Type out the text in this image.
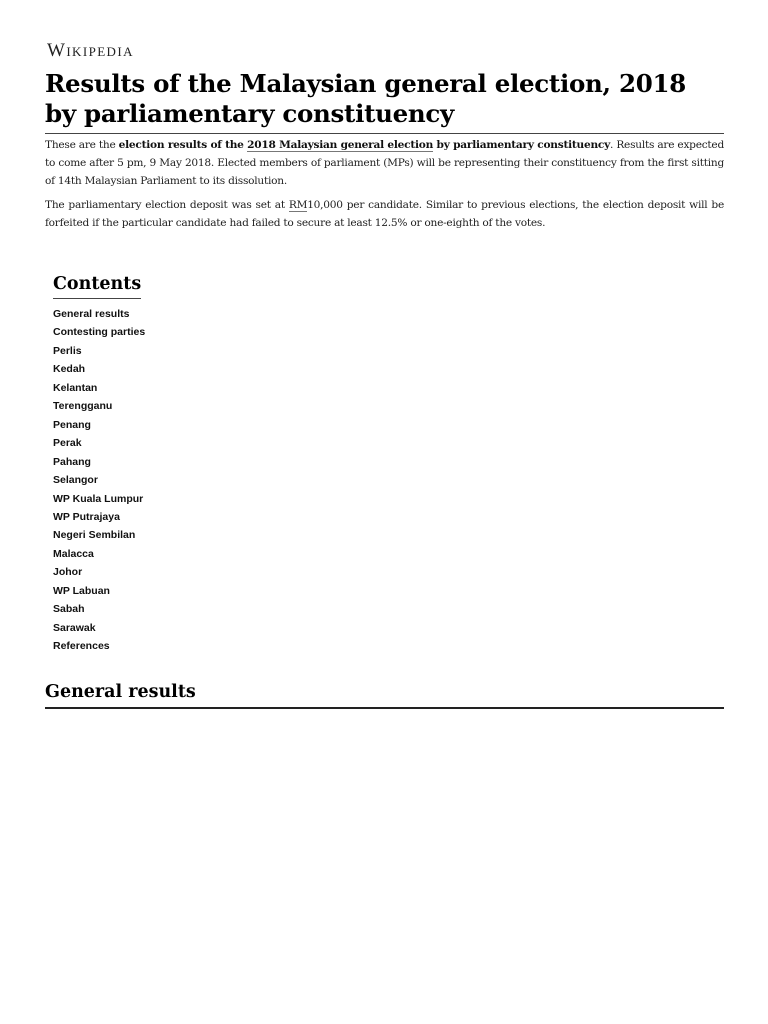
Wikipedia
Results of the Malaysian general election, 2018 by parliamentary constituency

These are the election results of the 2018 Malaysian general election by parliamentary constituency. Results are expected to come after 5 pm, 9 May 2018. Elected members of parliament (MPs) will be representing their constituency from the first sitting of 14th Malaysian Parliament to its dissolution.

The parliamentary election deposit was set at RM10,000 per candidate. Similar to previous elections, the election deposit will be forfeited if the particular candidate had failed to secure at least 12.5% or one-eighth of the votes.

Contents
General results
Contesting parties
Perlis
Kedah
Kelantan
Terengganu
Penang
Perak
Pahang
Selangor
WP Kuala Lumpur
WP Putrajaya
Negeri Sembilan
Malacca
Johor
WP Labuan
Sabah
Sarawak
References
General results
